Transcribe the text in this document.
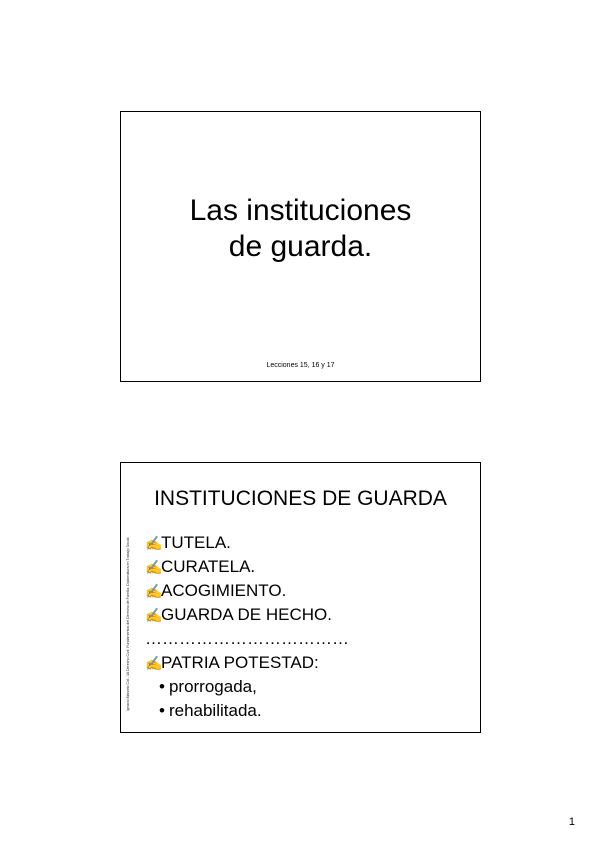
Las instituciones
de guarda.
Lecciones 15, 16 y 17
Ignacio Marcelo Cid - 18 Derecho Civil: Fundamentos del Derecho de Familia. Diplomatura en Trabajo Social
INSTITUCIONES DE GUARDA
✍
TUTELA.
✍
CURATELA.
✍
ACOGIMIENTO.
✍
GUARDA DE HECHO.
………………………………
✍
PATRIA POTESTAD:
• prorrogada,
• rehabilitada.
1
